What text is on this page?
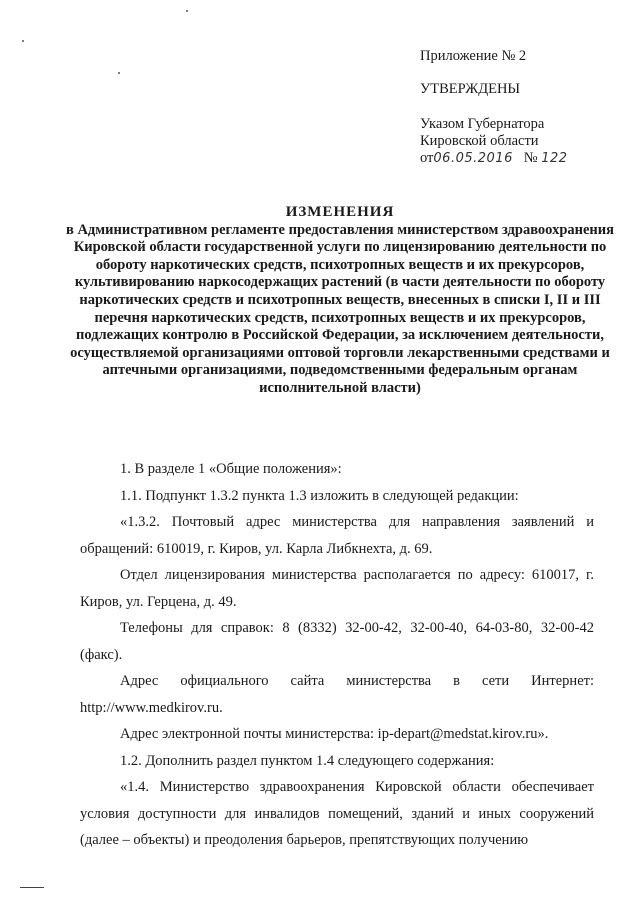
Приложение № 2
УТВЕРЖДЕНЫ
Указом Губернатора
Кировской области
от06.05.2016 № 122
ИЗМЕНЕНИЯ
в Административном регламенте предоставления министерством здравоохранения Кировской области государственной услуги по лицензированию деятельности по обороту наркотических средств, психотропных веществ и их прекурсоров, культивированию наркосодержащих растений (в части деятельности по обороту наркотических средств и психотропных веществ, внесенных в списки I, II и III перечня наркотических средств, психотропных веществ и их прекурсоров, подлежащих контролю в Российской Федерации, за исключением деятельности, осуществляемой организациями оптовой торговли лекарственными средствами и аптечными организациями, подведомственными федеральным органам исполнительной власти)

1. В разделе 1 «Общие положения»:

1.1. Подпункт 1.3.2 пункта 1.3 изложить в следующей редакции:

«1.3.2. Почтовый адрес министерства для направления заявлений и обращений: 610019, г. Киров, ул. Карла Либкнехта, д. 69.

Отдел лицензирования министерства располагается по адресу: 610017, г. Киров, ул. Герцена, д. 49.

Телефоны для справок: 8 (8332) 32-00-42, 32-00-40, 64-03-80, 32-00-42 (факс).

Адрес официального сайта министерства в сети Интернет: http://www.medkirov.ru.

Адрес электронной почты министерства: ip-depart@medstat.kirov.ru».

1.2. Дополнить раздел пунктом 1.4 следующего содержания:

«1.4. Министерство здравоохранения Кировской области обеспечивает условия доступности для инвалидов помещений, зданий и иных сооружений (далее – объекты) и преодоления барьеров, препятствующих получению
